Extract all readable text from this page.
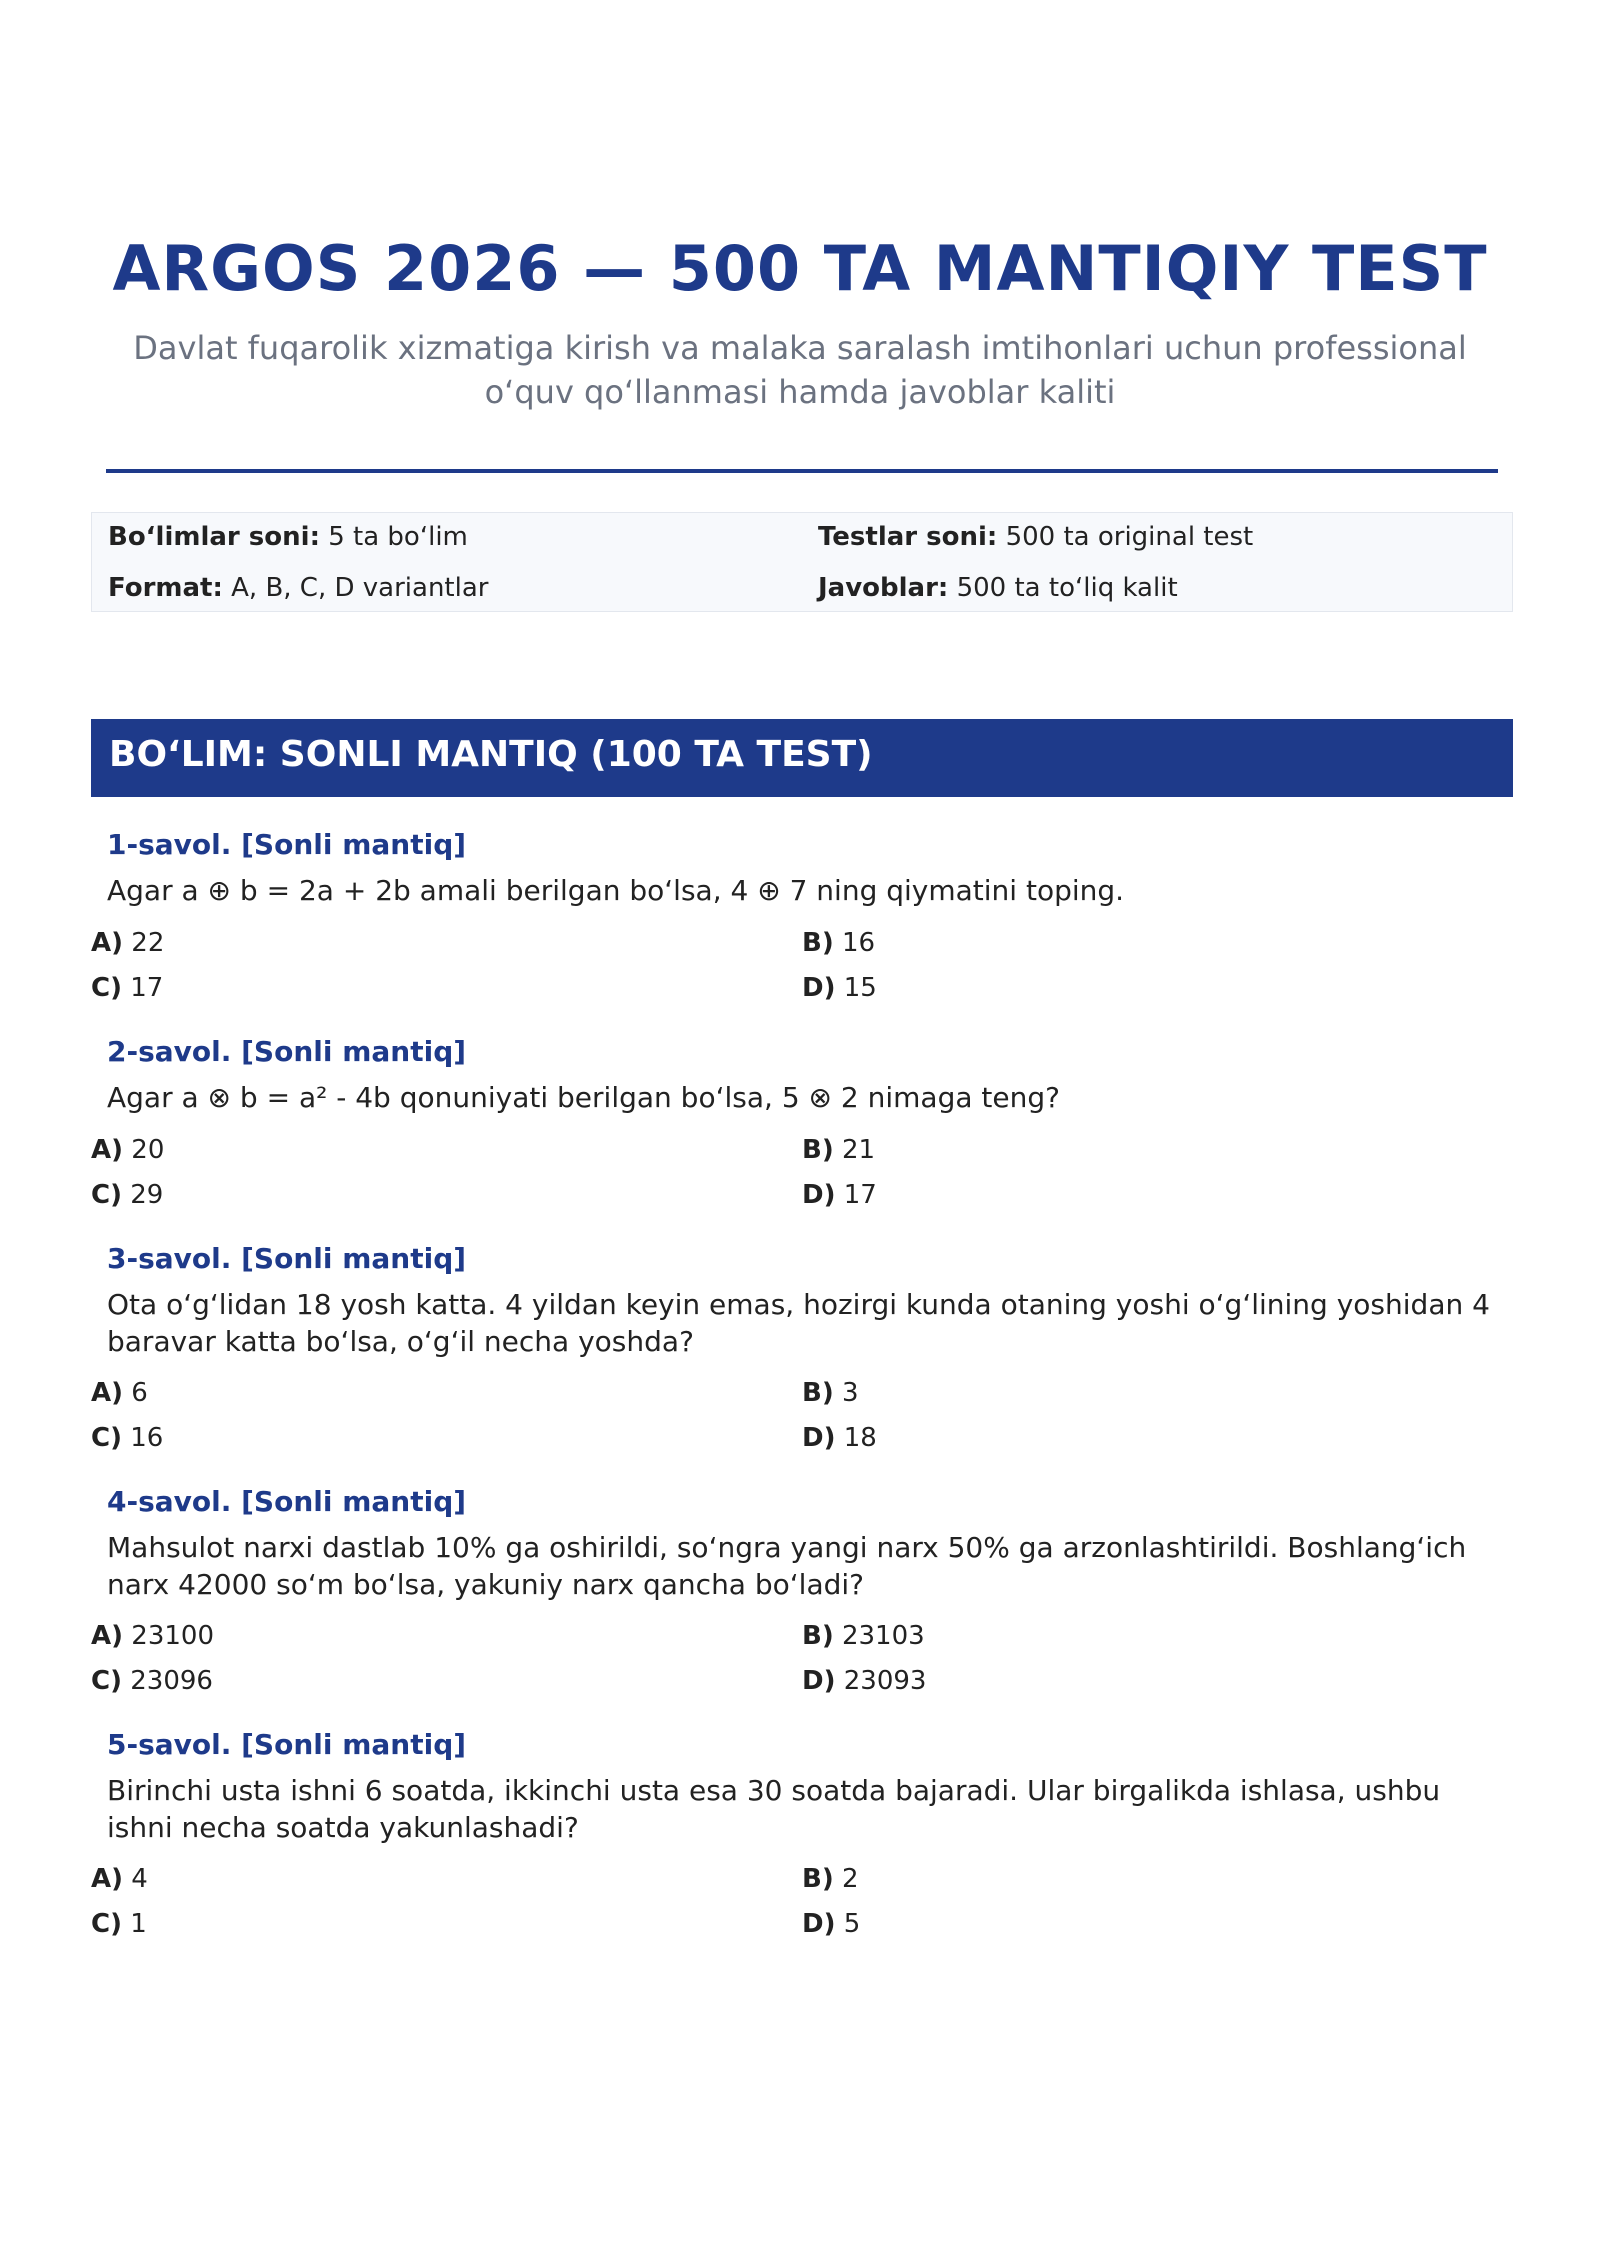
ARGOS 2026 — 500 TA MANTIQIY TEST
Davlat fuqarolik xizmatiga kirish va malaka saralash imtihonlari uchun professional
o‘quv qo‘llanmasi hamda javoblar kaliti
Bo‘limlar soni: 5 ta bo‘lim	Testlar soni: 500 ta original test
Format: A, B, C, D variantlar	Javoblar: 500 ta to‘liq kalit
BO‘LIM: SONLI MANTIQ (100 TA TEST)
1-savol. [Sonli mantiq]
Agar a ⊕ b = 2a + 2b amali berilgan bo‘lsa, 4 ⊕ 7 ning qiymatini toping.
A) 22	B) 16
C) 17	D) 15
2-savol. [Sonli mantiq]
Agar a ⊗ b = a² - 4b qonuniyati berilgan bo‘lsa, 5 ⊗ 2 nimaga teng?
A) 20	B) 21
C) 29	D) 17
3-savol. [Sonli mantiq]
Ota o‘g‘lidan 18 yosh katta. 4 yildan keyin emas, hozirgi kunda otaning yoshi o‘g‘lining yoshidan 4 baravar katta bo‘lsa, o‘g‘il necha yoshda?
A) 6	B) 3
C) 16	D) 18
4-savol. [Sonli mantiq]
Mahsulot narxi dastlab 10% ga oshirildi, so‘ngra yangi narx 50% ga arzonlashtirildi. Boshlang‘ich narx 42000 so‘m bo‘lsa, yakuniy narx qancha bo‘ladi?
A) 23100	B) 23103
C) 23096	D) 23093
5-savol. [Sonli mantiq]
Birinchi usta ishni 6 soatda, ikkinchi usta esa 30 soatda bajaradi. Ular birgalikda ishlasa, ushbu ishni necha soatda yakunlashadi?
A) 4	B) 2
C) 1	D) 5
